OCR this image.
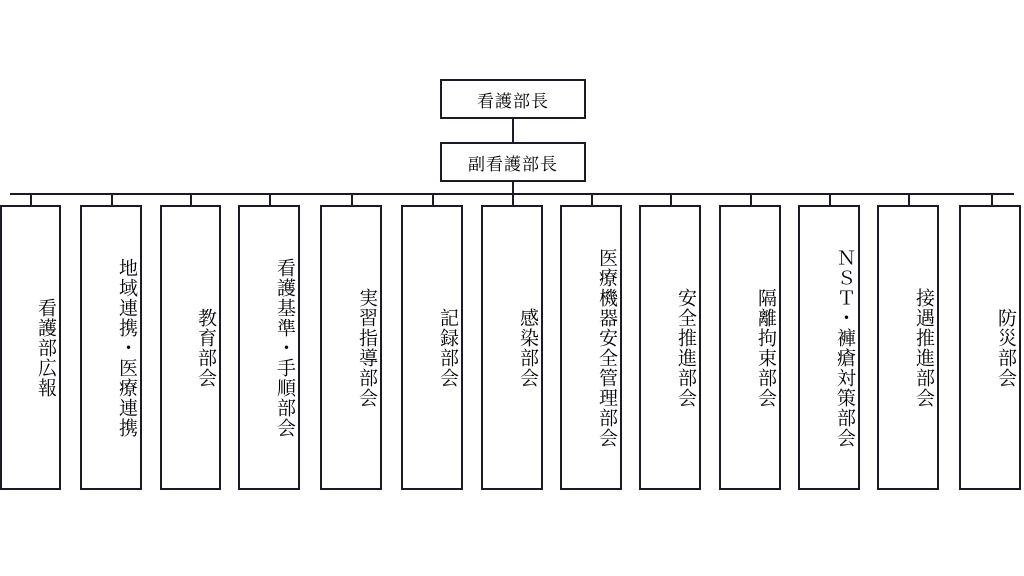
看護部長
副看護部長
看護部広報	地域連携・医療連携	教育部会	看護基準・手順部会	実習指導部会	記録部会	感染部会	医療機器安全管理部会	安全推進部会	隔離拘束部会	ＮＳＴ・褲瘡対策部会	接遇推進部会	防災部会
